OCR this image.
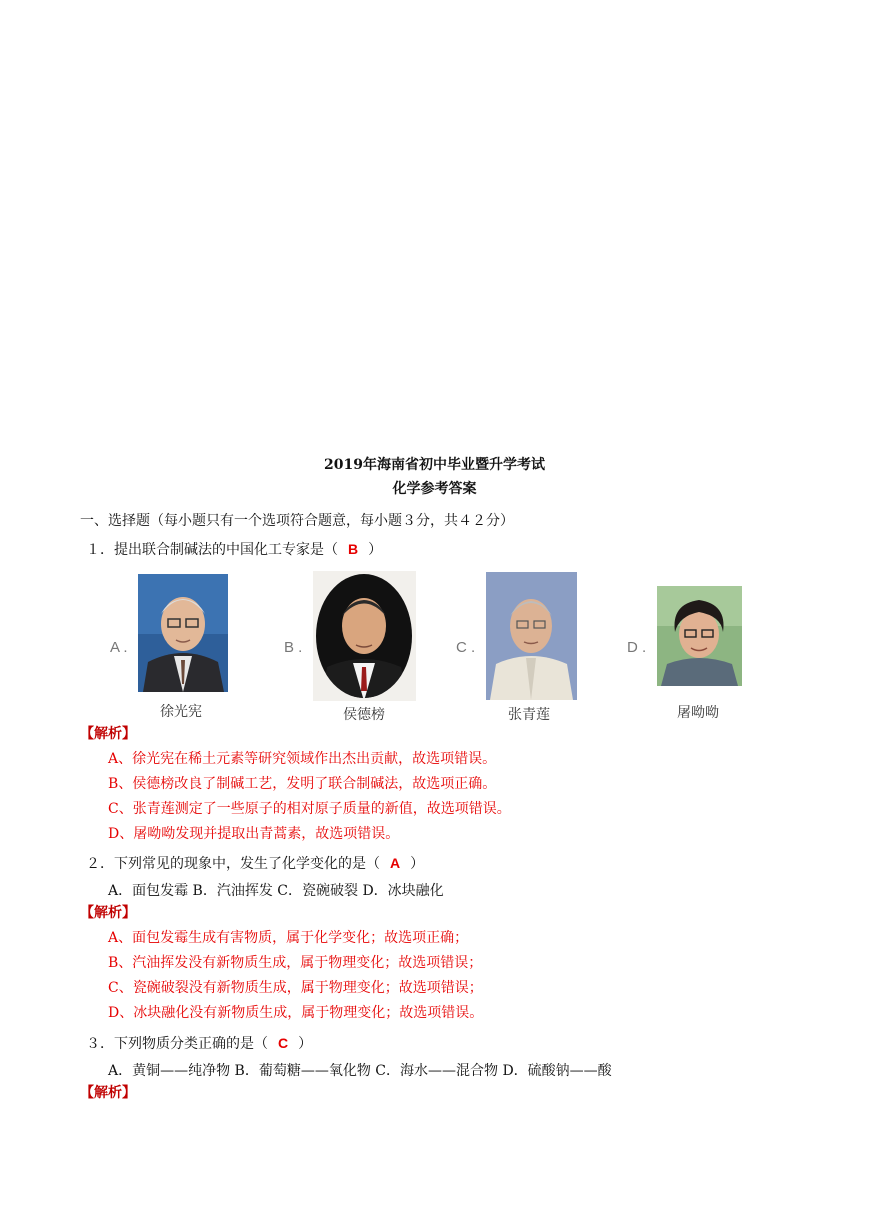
2019年海南省初中毕业暨升学考试
化学参考答案
一、选择题（每小题只有一个选项符合题意，每小题３分，共４２分）
１．提出联合制碱法的中国化工专家是（ B ）
A .	B .	C .	D .
徐光宪	侯德榜	张青莲	屠呦呦
【解析】
A、徐光宪在稀土元素等研究领域作出杰出贡献，故选项错误。
B、侯德榜改良了制碱工艺，发明了联合制碱法，故选项正确。
C、张青莲测定了一些原子的相对原子质量的新值，故选项错误。
D、屠呦呦发现并提取出青蒿素，故选项错误。
２．下列常见的现象中，发生了化学变化的是（ A ）
A．面包发霉 B．汽油挥发 C．瓷碗破裂 D．冰块融化
【解析】
A、面包发霉生成有害物质，属于化学变化；故选项正确；
B、汽油挥发没有新物质生成，属于物理变化；故选项错误；
C、瓷碗破裂没有新物质生成，属于物理变化；故选项错误；
D、冰块融化没有新物质生成，属于物理变化；故选项错误。
３．下列物质分类正确的是（ C ）
A．黄铜——纯净物 B．葡萄糖——氧化物 C．海水——混合物 D．硫酸钠——酸
【解析】
